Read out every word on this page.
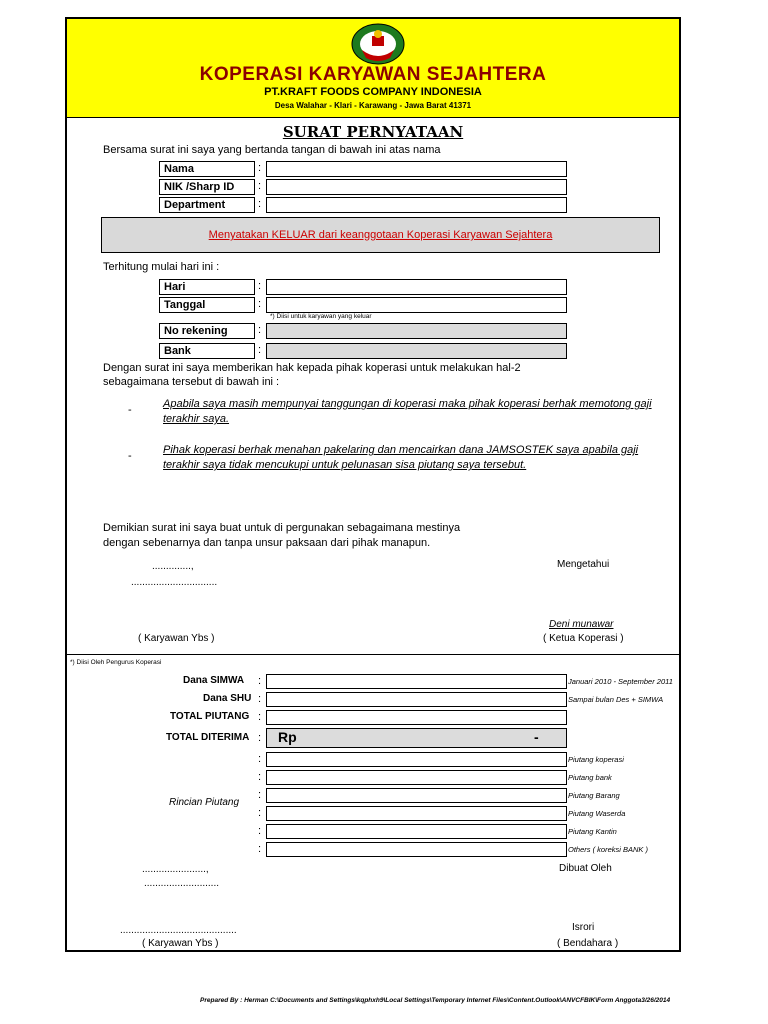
KOPERASI KARYAWAN SEJAHTERA
PT.KRAFT FOODS COMPANY INDONESIA
Desa Walahar - Klari - Karawang - Jawa Barat 41371
SURAT PERNYATAAN
Bersama surat ini saya yang bertanda tangan di bawah ini atas nama
Nama	:
NIK /Sharp ID	:
Department	:
Menyatakan KELUAR dari keanggotaan Koperasi Karyawan Sejahtera
Terhitung mulai hari ini :
Hari	:
Tanggal	:
*) Diisi untuk karyawan yang keluar
No rekening	:
Bank	:
Dengan surat ini saya memberikan hak kepada pihak koperasi untuk melakukan hal-2
sebagaimana tersebut di bawah ini :
-	Apabila saya masih mempunyai tanggungan di koperasi maka pihak koperasi berhak memotong gaji
terakhir saya.
-	Pihak koperasi berhak menahan pakelaring dan mencairkan dana JAMSOSTEK saya apabila gaji
terakhir saya tidak mencukupi untuk pelunasan sisa piutang saya tersebut.
Demikian surat ini saya buat untuk di pergunakan sebagaimana mestinya
dengan sebenarnya dan tanpa unsur paksaan dari pihak manapun.
..............,	Mengetahui
...............................
Deni munawar
( Karyawan Ybs )	( Ketua Koperasi )
*) Diisi Oleh Pengurus Koperasi
Dana SIMWA :	Januari 2010 - September 2011
Dana SHU :	Sampai bulan Des + SIMWA
TOTAL PIUTANG :
TOTAL DITERIMA : Rp	-
:	Piutang koperasi
:	Piutang bank
:	Piutang Barang
:	Piutang Waserda
:	Piutang Kantin
:	Others ( koreksi BANK )
Rincian Piutang
.......................,	Dibuat Oleh
...........................
Isrori
..........................................
( Karyawan Ybs )	( Bendahara )
Prepared By : Herman C:\Documents and Settings\kqphxh9\Local Settings\Temporary Internet Files\Content.Outlook\ANVCFBIK\Form Anggota3/26/2014
